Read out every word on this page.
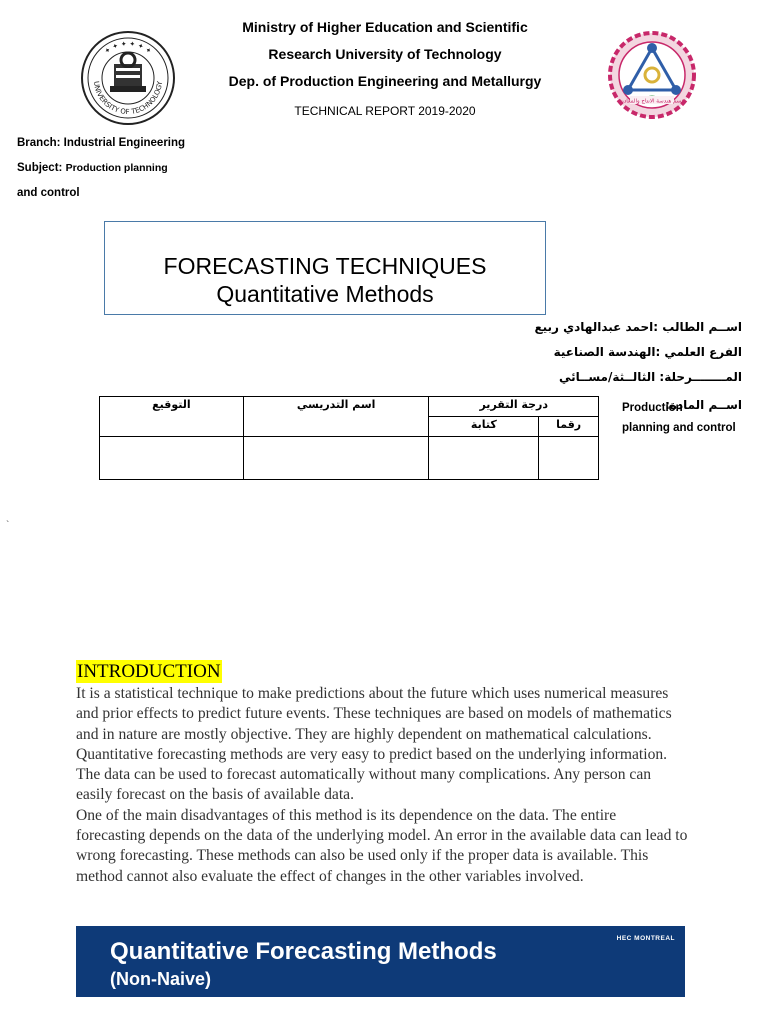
UNIVERSITY OF TECHNOLOGY
✦ ✦ ✦ ✦ ✦ ✦
قسم هندسة الانتاج والمعادن
Ministry of Higher Education and Scientific
Research University of Technology
Dep. of Production Engineering and Metallurgy
TECHNICAL REPORT 2019-2020
Branch: Industrial Engineering
Subject: Production planning
and control
FORECASTING TECHNIQUES
Quantitative Methods
اســم الطالب :احمد عبدالهادي ربيع
الفرع العلمي :الهندسة الصناعية
المــــــــرحلة: الثالــثة/مســائي
اســم المادة:
Production
planning and control
التوقيع	اسم التدريسي	درجة التقرير	
		كتابة	رقما

`
INTRODUCTION

It is a statistical technique to make predictions about the future which uses numerical measures and prior effects to predict future events. These techniques are based on models of mathematics and in nature are mostly objective. They are highly dependent on mathematical calculations.

Quantitative forecasting methods are very easy to predict based on the underlying information. The data can be used to forecast automatically without many complications. Any person can easily forecast on the basis of available data.

One of the main disadvantages of this method is its dependence on the data. The entire forecasting depends on the data of the underlying model. An error in the available data can lead to wrong forecasting. These methods can also be used only if the proper data is available. This method cannot also evaluate the effect of changes in the other variables involved.

Quantitative Forecasting Methods
(Non-Naive)
HEC MONTREAL
